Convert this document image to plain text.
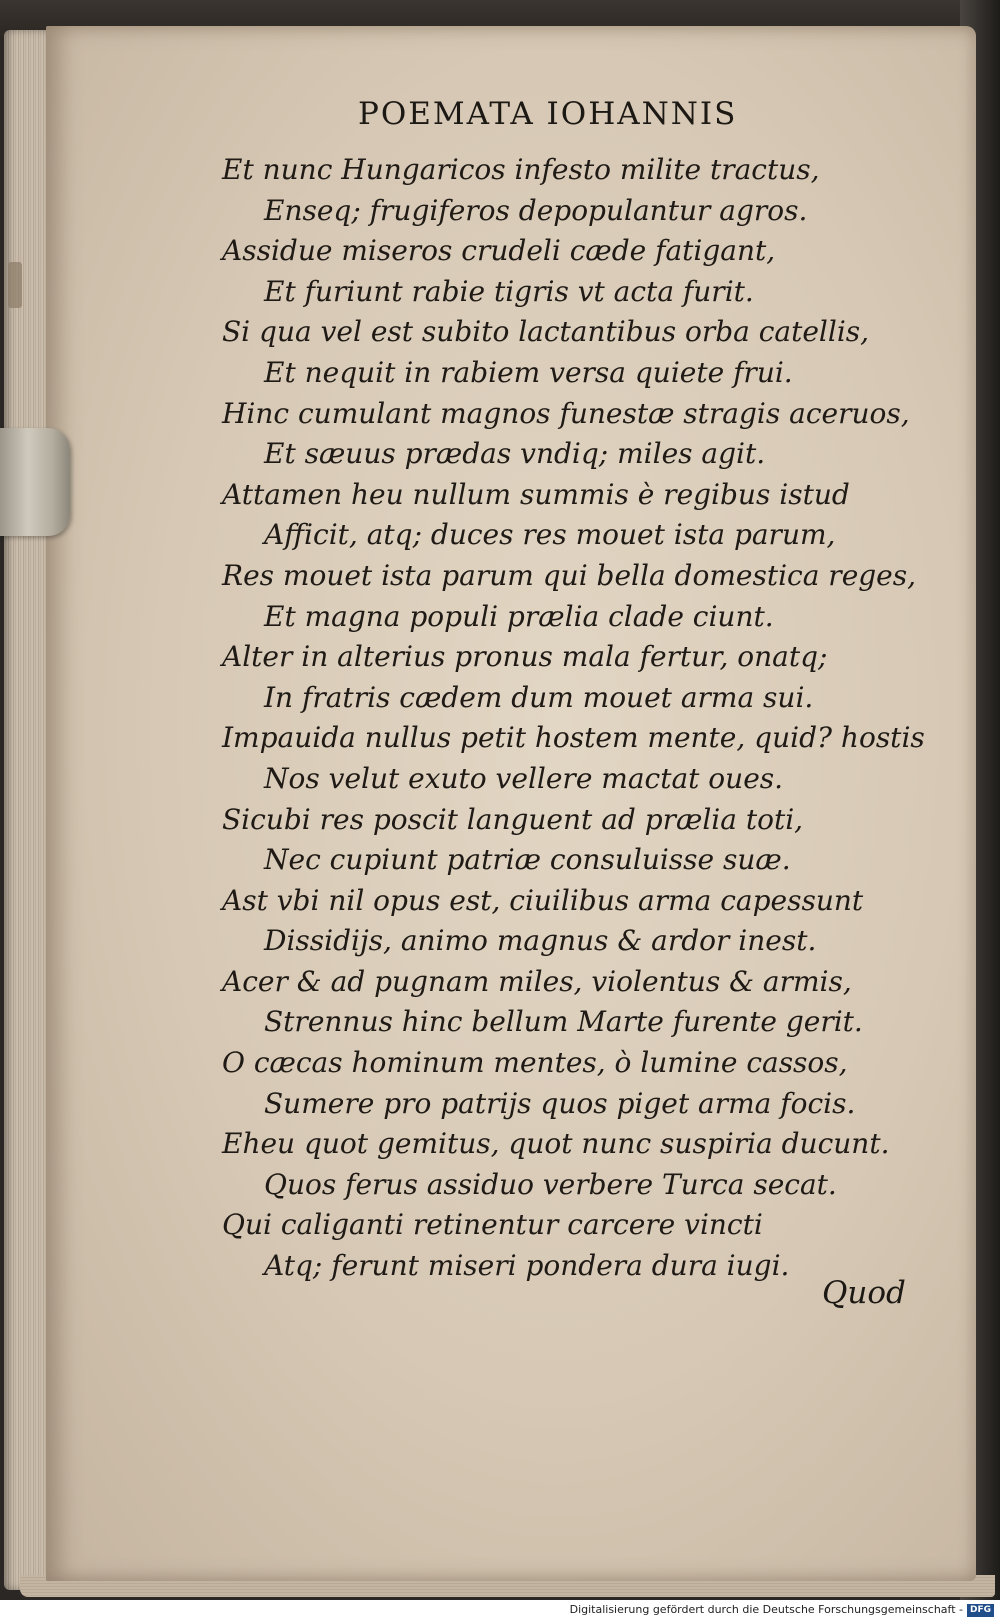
POEMATA IOHANNIS
Et nunc Hungaricos infesto milite tractus,
Enseq; frugiferos depopulantur agros.
Assidue miseros crudeli cæde fatigant,
Et furiunt rabie tigris vt acta furit.
Si qua vel est subito lactantibus orba catellis,
Et nequit in rabiem versa quiete frui.
Hinc cumulant magnos funestæ stragis aceruos,
Et sæuus prædas vndiq; miles agit.
Attamen heu nullum summis è regibus istud
Afficit, atq; duces res mouet ista parum,
Res mouet ista parum qui bella domestica reges,
Et magna populi prælia clade ciunt.
Alter in alterius pronus mala fertur, onatq;
In fratris cædem dum mouet arma sui.
Impauida nullus petit hostem mente, quid? hostis
Nos velut exuto vellere mactat oues.
Sicubi res poscit languent ad prælia toti,
Nec cupiunt patriæ consuluisse suæ.
Ast vbi nil opus est, ciuilibus arma capessunt
Dissidijs, animo magnus & ardor inest.
Acer & ad pugnam miles, violentus & armis,
Strennus hinc bellum Marte furente gerit.
O cæcas hominum mentes, ò lumine cassos,
Sumere pro patrijs quos piget arma focis.
Eheu quot gemitus, quot nunc suspiria ducunt.
Quos ferus assiduo verbere Turca secat.
Qui caliganti retinentur carcere vincti
Atq; ferunt miseri pondera dura iugi.
Quod
Digitalisierung gefördert durch die Deutsche Forschungsgemeinschaft - DFG
